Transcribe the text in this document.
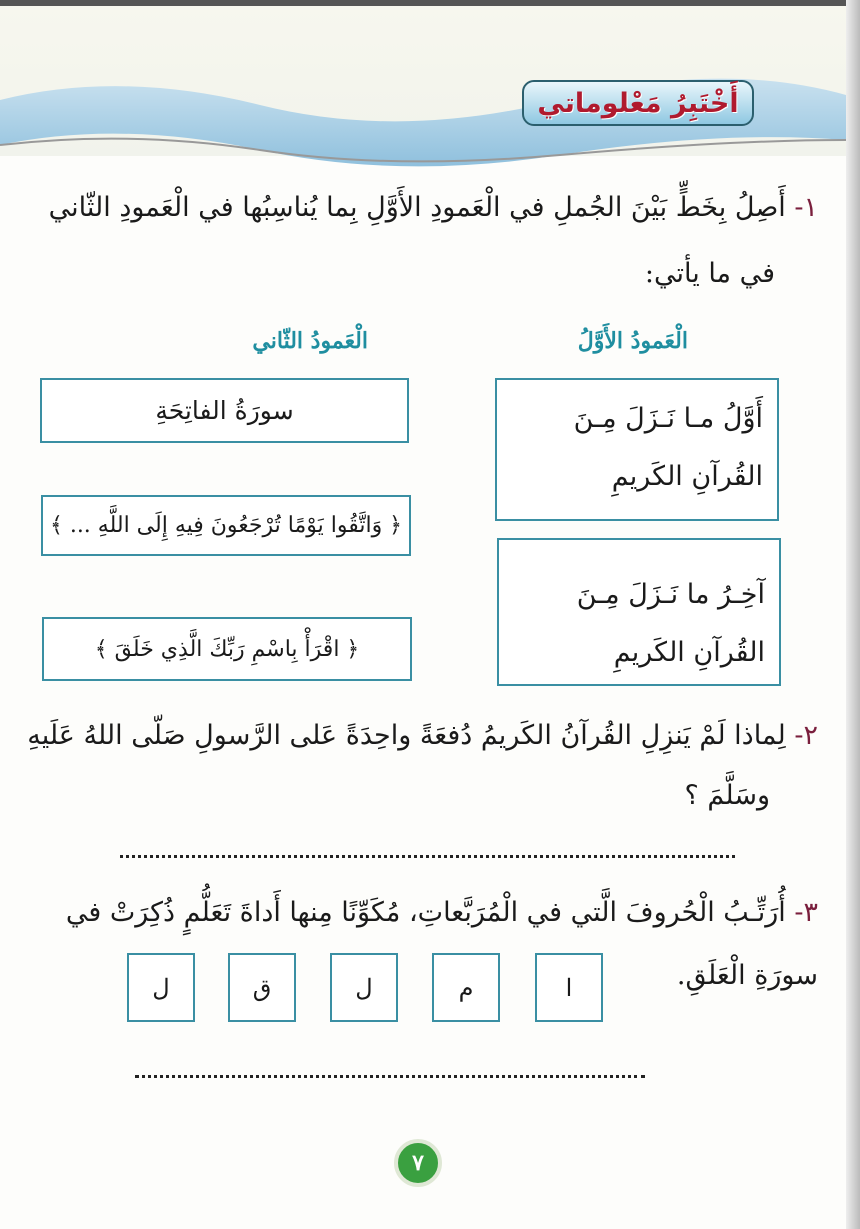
أَخْتَبِرُ مَعْلوماتي
١- أَصِلُ بِخَطٍّ بَيْنَ الجُملِ في الْعَمودِ الأَوَّلِ بِما يُناسِبُها في الْعَمودِ الثّاني
في ما يأتي:
الْعَمودُ الأَوَّلُ
الْعَمودُ الثّاني
أَوَّلُ مـا نَـزَلَ مِـنَ القُرآنِ الكَريمِ
آخِـرُ ما نَـزَلَ مِـنَ القُرآنِ الكَريمِ
سورَةُ الفاتِحَةِ
﴿ وَاتَّقُوا يَوْمًا تُرْجَعُونَ فِيهِ إِلَى اللَّهِ ... ﴾
﴿ اقْرَأْ بِاسْمِ رَبِّكَ الَّذِي خَلَقَ ﴾
٢- لِماذا لَمْ يَنزِلِ القُرآنُ الكَريمُ دُفعَةً واحِدَةً عَلى الرَّسولِ صَلّى اللهُ عَلَيهِ
وسَلَّمَ ؟
٣- أُرَتِّـبُ الْحُروفَ الَّتي في الْمُرَبَّعاتِ، مُكَوِّنًا مِنها أَداةَ تَعَلُّمٍ ذُكِرَتْ في
سورَةِ الْعَلَقِ.
ا
م
ل
ق
ل
٧
